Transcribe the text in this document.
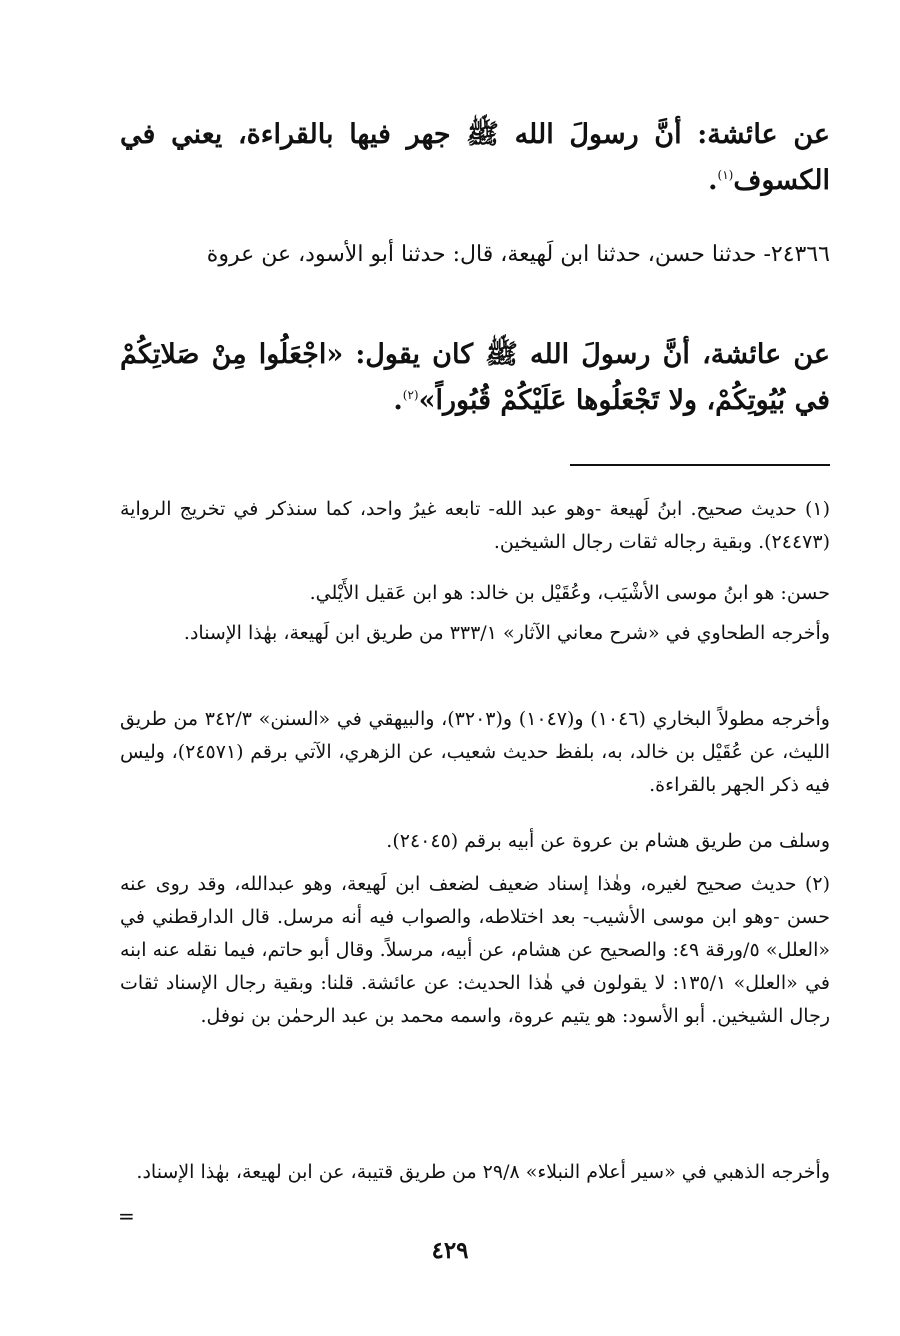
عن عائشة: أنَّ رسولَ الله ﷺ جهر فيها بالقراءة، يعني في الكسوف$^{(١)}$.

٢٤٣٦٦- حدثنا حسن، حدثنا ابن لَهيعة، قال: حدثنا أبو الأسود، عن عروة

عن عائشة، أنَّ رسولَ الله ﷺ كان يقول: «اجْعَلُوا مِنْ صَلاتِكُمْ في بُيُوتِكُمْ، ولا تَجْعَلُوها عَلَيْكُمْ قُبُوراً»$^{(٢)}$.

(١) حديث صحيح. ابنُ لَهيعة -وهو عبد الله- تابعه غيرُ واحد، كما سنذكر في تخريج الرواية (٢٤٤٧٣). وبقية رجاله ثقات رجال الشيخين.

حسن: هو ابنُ موسى الأشْيَب، وعُقَيْل بن خالد: هو ابن عَقيل الأَيْلي.

وأخرجه الطحاوي في «شرح معاني الآثار» ٣٣٣/١ من طريق ابن لَهيعة، بهٰذا الإسناد.

وأخرجه مطولاً البخاري (١٠٤٦) و(١٠٤٧) و(٣٢٠٣)، والبيهقي في «السنن» ٣٤٢/٣ من طريق الليث، عن عُقَيْل بن خالد، به، بلفظ حديث شعيب، عن الزهري، الآتي برقم (٢٤٥٧١)، وليس فيه ذكر الجهر بالقراءة.

وسلف من طريق هشام بن عروة عن أبيه برقم (٢٤٠٤٥).

(٢) حديث صحيح لغيره، وهٰذا إسناد ضعيف لضعف ابن لَهيعة، وهو عبدالله، وقد روى عنه حسن -وهو ابن موسى الأشيب- بعد اختلاطه، والصواب فيه أنه مرسل. قال الدارقطني في «العلل» ٥/ورقة ٤٩: والصحيح عن هشام، عن أبيه، مرسلاً. وقال أبو حاتم، فيما نقله عنه ابنه في «العلل» ١٣٥/١: لا يقولون في هٰذا الحديث: عن عائشة. قلنا: وبقية رجال الإسناد ثقات رجال الشيخين. أبو الأسود: هو يتيم عروة، واسمه محمد بن عبد الرحمٰن بن نوفل.

وأخرجه الذهبي في «سير أعلام النبلاء» ٢٩/٨ من طريق قتيبة، عن ابن لهيعة، بهٰذا الإسناد.

=
٤٢٩
